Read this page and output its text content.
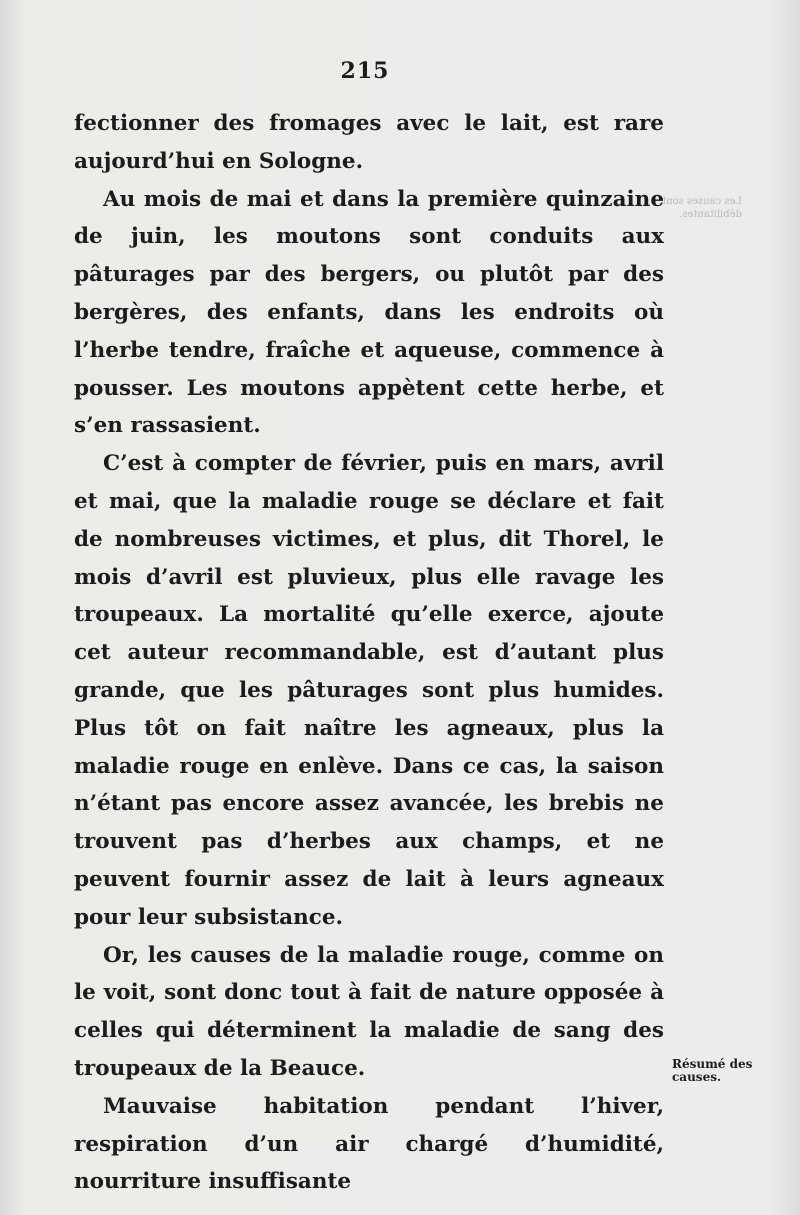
Les causes sont débilitantes.
215

fectionner des fromages avec le lait, est rare aujourd’hui en Sologne.

Au mois de mai et dans la première quinzaine de juin, les moutons sont conduits aux pâturages par des bergers, ou plutôt par des bergères, des enfants, dans les endroits où l’herbe tendre, fraîche et aqueuse, commence à pousser. Les moutons appètent cette herbe, et s’en rassasient.

C’est à compter de février, puis en mars, avril et mai, que la maladie rouge se déclare et fait de nombreuses victimes, et plus, dit Thorel, le mois d’avril est pluvieux, plus elle ravage les troupeaux. La mortalité qu’elle exerce, ajoute cet auteur recommandable, est d’autant plus grande, que les pâturages sont plus humides. Plus tôt on fait naître les agneaux, plus la maladie rouge en enlève. Dans ce cas, la saison n’étant pas encore assez avancée, les brebis ne trouvent pas d’herbes aux champs, et ne peuvent fournir assez de lait à leurs agneaux pour leur subsistance.

Or, les causes de la maladie rouge, comme on le voit, sont donc tout à fait de nature opposée à celles qui déterminent la maladie de sang des troupeaux de la Beauce.

Mauvaise habitation pendant l’hiver, respiration d’un air chargé d’humidité, nourriture insuffisante

Résumé des
causes.
